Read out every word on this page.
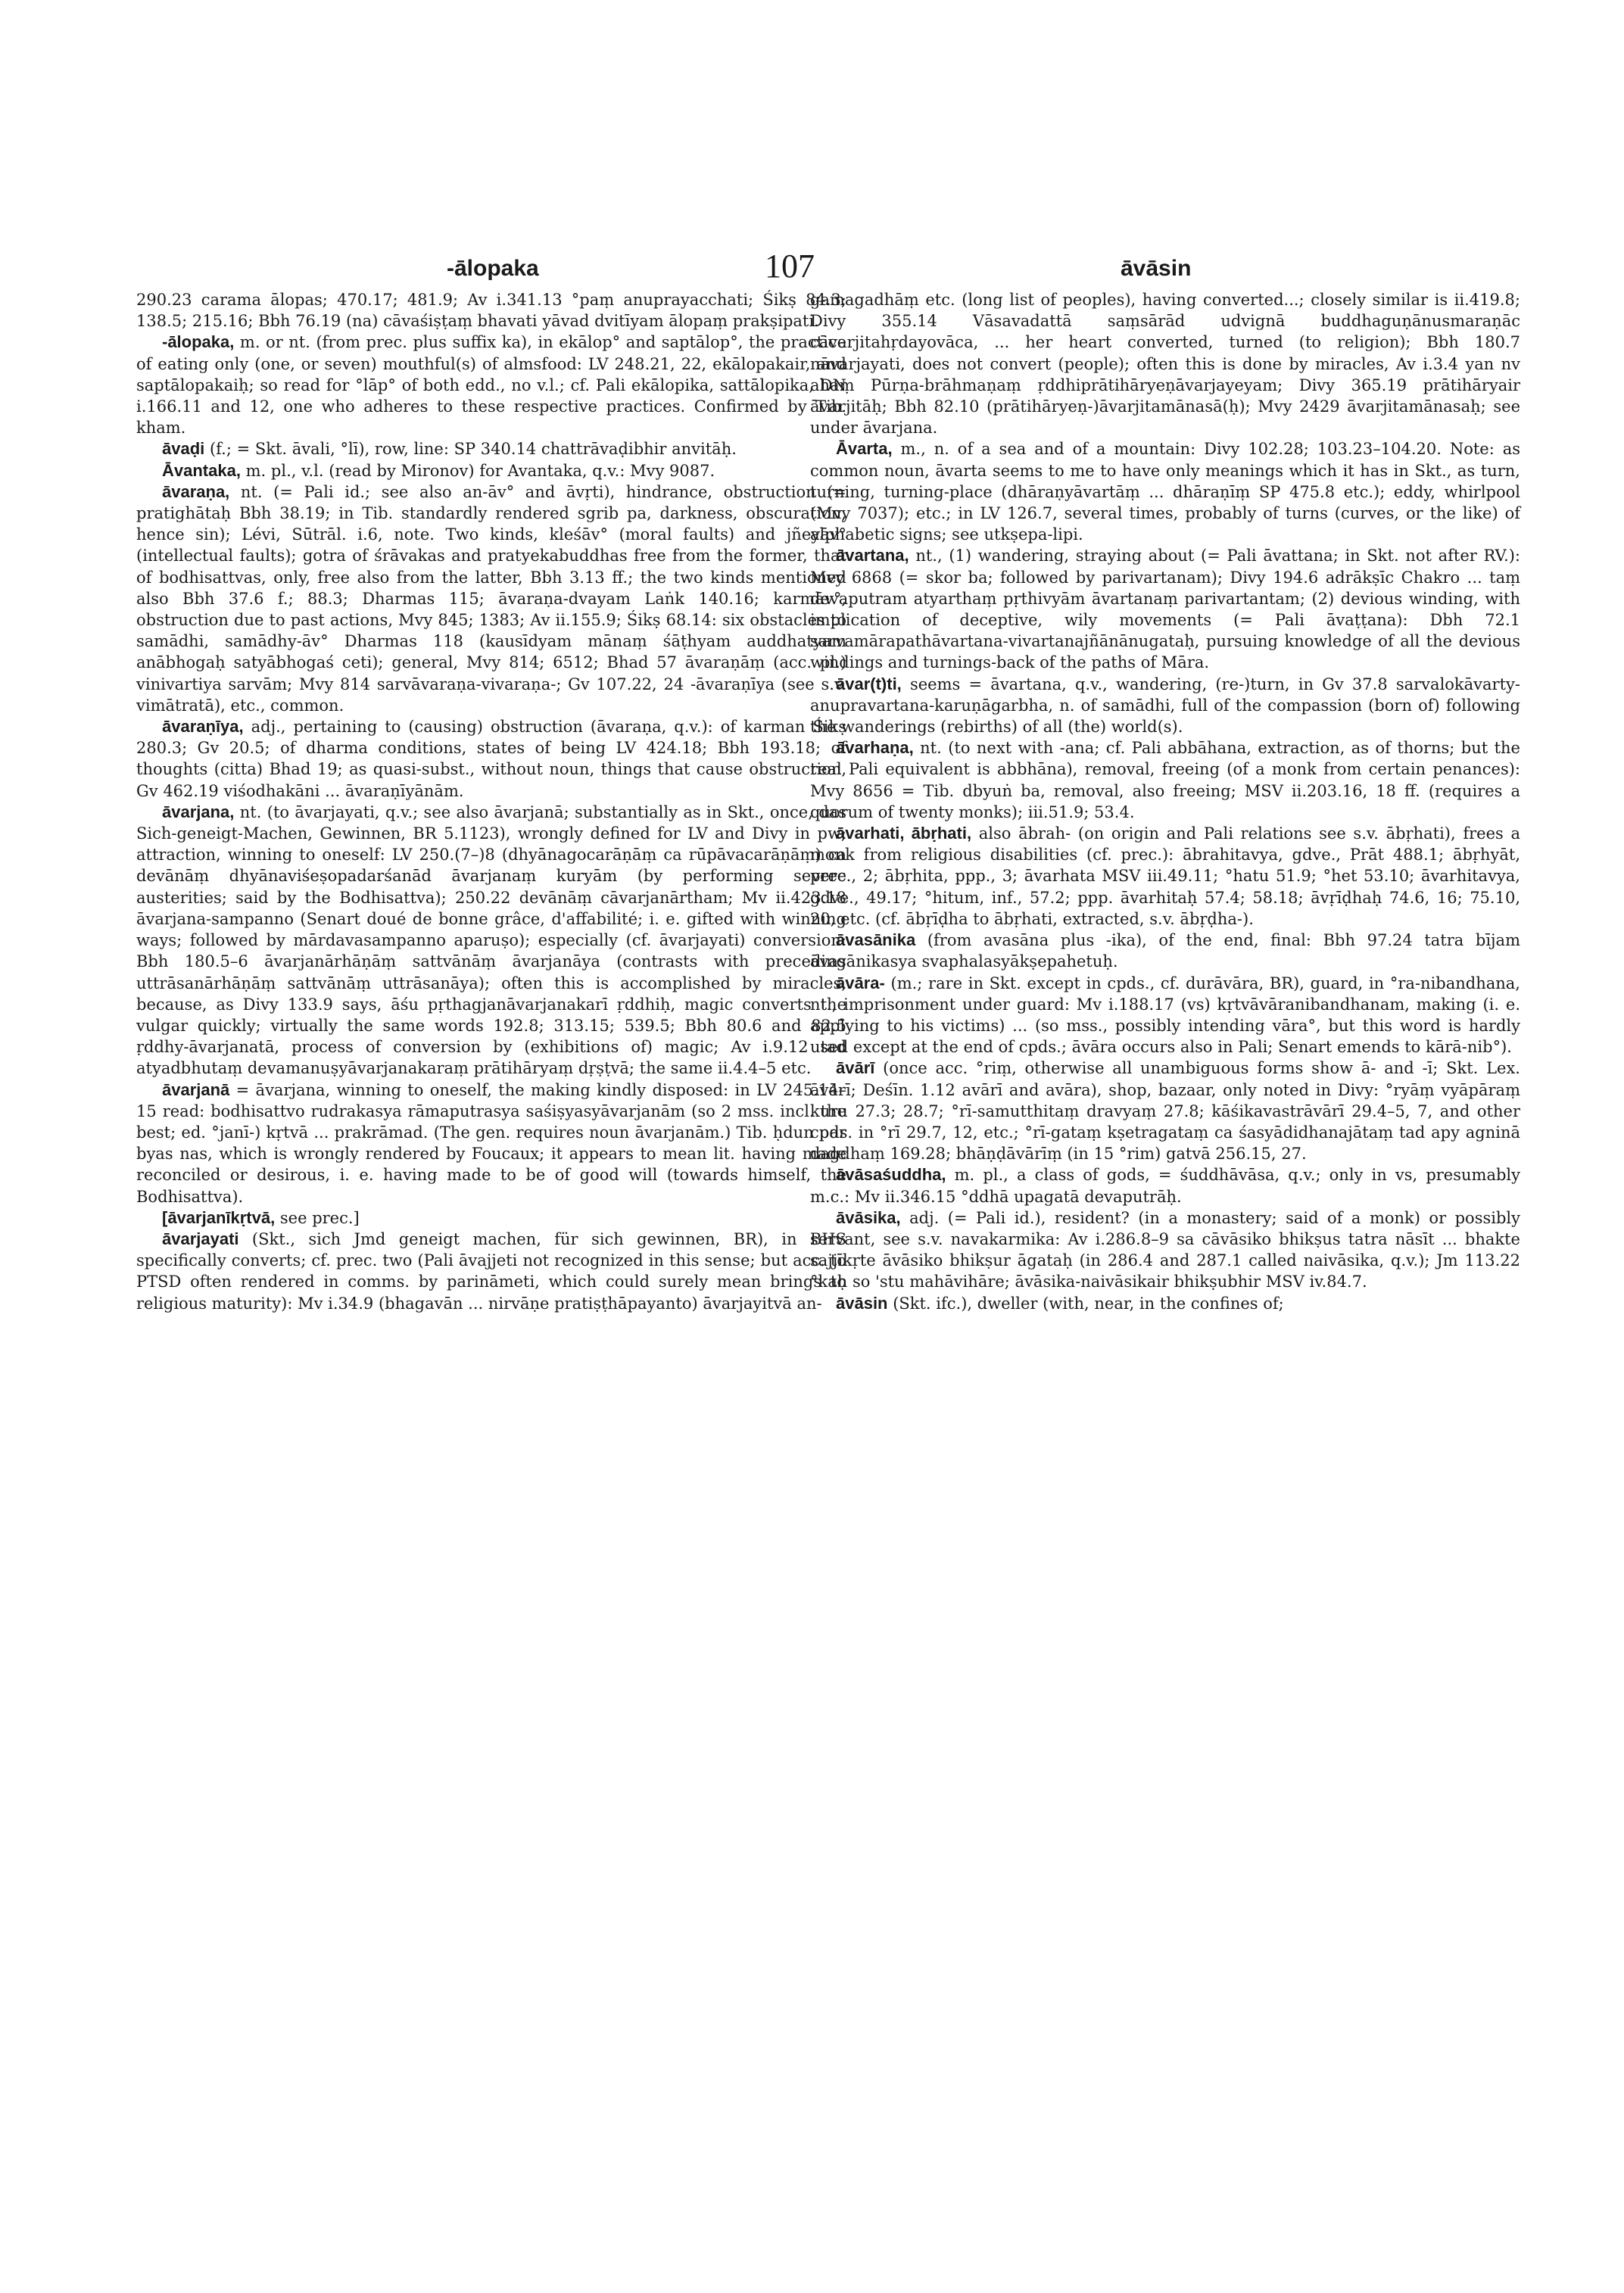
-ālopaka	107	āvāsin

290.23 carama ālopas; 470.17; 481.9; Av i.341.13 °paṃ anuprayacchati; Śikṣ 84.3; 138.5; 215.16; Bbh 76.19 (na) cāvaśiṣṭaṃ bhavati yāvad dvitīyam ālopaṃ prakṣipati.

-ālopaka, m. or nt. (from prec. plus suffix ka), in ekālop° and saptālop°, the practice of eating only (one, or seven) mouthful(s) of almsfood: LV 248.21, 22, ekālopakair, and saptālopakaiḥ; so read for °lāp° of both edd., no v.l.; cf. Pali ekālopika, sattālopika, DN i.166.11 and 12, one who adheres to these respective practices. Confirmed by Tib. kham.

āvaḍi (f.; = Skt. āvali, °lī), row, line: SP 340.14 chattrāvaḍibhir anvitāḥ.

Āvantaka, m. pl., v.l. (read by Mironov) for Avantaka, q.v.: Mvy 9087.

āvaraṇa, nt. (= Pali id.; see also an-āv° and āvṛti), hindrance, obstruction (= pratighātaḥ Bbh 38.19; in Tib. standardly rendered sgrib pa, darkness, obscuration, hence sin); Lévi, Sūtrāl. i.6, note. Two kinds, kleśāv° (moral faults) and jñeyāv° (intellectual faults); gotra of śrāvakas and pratyekabuddhas free from the former, that of bodhisattvas, only, free also from the latter, Bbh 3.13 ff.; the two kinds mentioned also Bbh 37.6 f.; 88.3; Dharmas 115; āvaraṇa-dvayam Laṅk 140.16; karmāv°, obstruction due to past actions, Mvy 845; 1383; Av ii.155.9; Śikṣ 68.14: six obstacles to samādhi, samādhy-āv° Dharmas 118 (kausīdyam mānaṃ śāṭhyam auddhatyam anābhogaḥ satyābhogaś ceti); general, Mvy 814; 6512; Bhad 57 āvaraṇāṃ (acc. pl.) vinivartiya sarvām; Mvy 814 sarvāvaraṇa-vivaraṇa-; Gv 107.22, 24 -āvaraṇīya (see s.v. vimātratā), etc., common.

āvaraṇīya, adj., pertaining to (causing) obstruction (āvaraṇa, q.v.): of karman Śikṣ 280.3; Gv 20.5; of dharma conditions, states of being LV 424.18; Bbh 193.18; of thoughts (citta) Bhad 19; as quasi-subst., without noun, things that cause obstruction, Gv 462.19 viśodhakāni ... āvaraṇīyānām.

āvarjana, nt. (to āvarjayati, q.v.; see also āvarjanā; substantially as in Skt., once, das Sich-geneigt-Machen, Gewinnen, BR 5.1123), wrongly defined for LV and Divy in pw; attraction, winning to oneself: LV 250.(7–)8 (dhyānagocarāṇāṃ ca rūpāvacarāṇāṃ) ca devānāṃ dhyānaviśeṣopadarśanād āvarjanaṃ kuryām (by performing severe austerities; said by the Bodhisattva); 250.22 devānāṃ cāvarjanārtham; Mv ii.423.18 āvarjana-sampanno (Senart doué de bonne grâce, d'affabilité; i. e. gifted with winning ways; followed by mārdavasampanno aparuṣo); especially (cf. āvarjayati) conversion: Bbh 180.5–6 āvarjanārhāṇāṃ sattvānāṃ āvarjanāya (contrasts with preceding uttrāsanārhāṇāṃ sattvānāṃ uttrāsanāya); often this is accomplished by miracles, because, as Divy 133.9 says, āśu pṛthagjanāvarjanakarī ṛddhiḥ, magic converts the vulgar quickly; virtually the same words 192.8; 313.15; 539.5; Bbh 80.6 and 82.5 ṛddhy-āvarjanatā, process of conversion by (exhibitions of) magic; Av i.9.12 tad atyadbhutaṃ devamanuṣyāvarjanakaraṃ prātihāryaṃ dṛṣṭvā; the same ii.4.4–5 etc.

āvarjanā = āvarjana, winning to oneself, the making kindly disposed: in LV 245.14–15 read: bodhisattvo rudrakasya rāmaputrasya saśiṣyasyāvarjanām (so 2 mss. incl. the best; ed. °janī-) kṛtvā ... prakrāmad. (The gen. requires noun āvarjanām.) Tib. ḥdun par byas nas, which is wrongly rendered by Foucaux; it appears to mean lit. having made reconciled or desirous, i. e. having made to be of good will (towards himself, the Bodhisattva).

[āvarjanīkṛtvā, see prec.]

āvarjayati (Skt., sich Jmd geneigt machen, für sich gewinnen, BR), in BHS specifically converts; cf. prec. two (Pali āvajjeti not recognized in this sense; but acc. to PTSD often rendered in comms. by parināmeti, which could surely mean brings to religious maturity): Mv i.34.9 (bhagavān ... nirvāṇe pratiṣṭhāpayanto) āvarjayitvā an-

gamagadhāṃ etc. (long list of peoples), having converted...; closely similar is ii.419.8; Divy 355.14 Vāsavadattā saṃsārād udvignā buddhaguṇānusmaraṇāc cāvarjitahṛdayovāca, ... her heart converted, turned (to religion); Bbh 180.7 nāvarjayati, does not convert (people); often this is done by miracles, Av i.3.4 yan nv ahaṃ Pūrṇa-brāhmaṇaṃ ṛddhiprātihāryeṇāvarjayeyam; Divy 365.19 prātihāryair āvarjitāḥ; Bbh 82.10 (prātihāryeṇ-)āvarjitamānasā(ḥ); Mvy 2429 āvarjitamānasaḥ; see under āvarjana.

Āvarta, m., n. of a sea and of a mountain: Divy 102.28; 103.23–104.20. Note: as common noun, āvarta seems to me to have only meanings which it has in Skt., as turn, turning, turning-place (dhāraṇyāvartāṃ ... dhāraṇīṃ SP 475.8 etc.); eddy, whirlpool (Mvy 7037); etc.; in LV 126.7, several times, probably of turns (curves, or the like) of alphabetic signs; see utkṣepa-lipi.

āvartana, nt., (1) wandering, straying about (= Pali āvattana; in Skt. not after RV.): Mvy 6868 (= skor ba; followed by parivartanam); Divy 194.6 adrākṣīc Chakro ... taṃ devaputram atyarthaṃ pṛthivyām āvartanaṃ parivartantam; (2) devious winding, with implication of deceptive, wily movements (= Pali āvaṭṭana): Dbh 72.1 sarvamārapathāvartana-vivartanajñānānugataḥ, pursuing knowledge of all the devious windings and turnings-back of the paths of Māra.

āvar(t)ti, seems = āvartana, q.v., wandering, (re-)turn, in Gv 37.8 sarvalokāvarty-anupravartana-karuṇāgarbha, n. of samādhi, full of the compassion (born of) following the wanderings (rebirths) of all (the) world(s).

āvarhaṇa, nt. (to next with -ana; cf. Pali abbāhana, extraction, as of thorns; but the real Pali equivalent is abbhāna), removal, freeing (of a monk from certain penances): Mvy 8656 = Tib. dbyuṅ ba, removal, also freeing; MSV ii.203.16, 18 ff. (requires a quorum of twenty monks); iii.51.9; 53.4.

āvarhati, ābṛhati, also ābrah- (on origin and Pali relations see s.v. ābṛhati), frees a monk from religious disabilities (cf. prec.): ābrahitavya, gdve., Prāt 488.1; ābṛhyāt, prec., 2; ābṛhita, ppp., 3; āvarhata MSV iii.49.11; °hatu 51.9; °het 53.10; āvarhitavya, gdve., 49.17; °hitum, inf., 57.2; ppp. āvarhitaḥ 57.4; 58.18; āvṛīḍhaḥ 74.6, 16; 75.10, 20, etc. (cf. ābṛīḍha to ābṛhati, extracted, s.v. ābṛḍha-).

āvasānika (from avasāna plus -ika), of the end, final: Bbh 97.24 tatra bījam āvasānikasya svaphalasyākṣepahetuḥ.

āvāra- (m.; rare in Skt. except in cpds., cf. durāvāra, BR), guard, in °ra-nibandhana, nt., imprisonment under guard: Mv i.188.17 (vs) kṛtvāvāranibandhanam, making (i. e. applying to his victims) ... (so mss., possibly intending vāra°, but this word is hardly used except at the end of cpds.; āvāra occurs also in Pali; Senart emends to kārā-nib°).

āvārī (once acc. °riṃ, otherwise all unambiguous forms show ā- and -ī; Skt. Lex. āvārī; Deśīn. 1.12 avārī and avāra), shop, bazaar, only noted in Divy: °ryāṃ vyāpāraṃ kuru 27.3; 28.7; °rī-samutthitaṃ dravyaṃ 27.8; kāśikavastrāvārī 29.4–5, 7, and other cpds. in °rī 29.7, 12, etc.; °rī-gataṃ kṣetragataṃ ca śasyādidhanajātaṃ tad apy agninā dagdhaṃ 169.28; bhāṇḍāvārīṃ (in 15 °rim) gatvā 256.15, 27.

āvāsaśuddha, m. pl., a class of gods, = śuddhāvāsa, q.v.; only in vs, presumably m.c.: Mv ii.346.15 °ddhā upagatā devaputrāḥ.

āvāsika, adj. (= Pali id.), resident? (in a monastery; said of a monk) or possibly servant, see s.v. navakarmika: Av i.286.8–9 sa cāvāsiko bhikṣus tatra nāsīt ... bhakte sajjīkṛte āvāsiko bhikṣur āgataḥ (in 286.4 and 287.1 called naivāsika, q.v.); Jm 113.22 °kaḥ so 'stu mahāvihāre; āvāsika-naivāsikair bhikṣubhir MSV iv.84.7.

āvāsin (Skt. ifc.), dweller (with, near, in the confines of;
